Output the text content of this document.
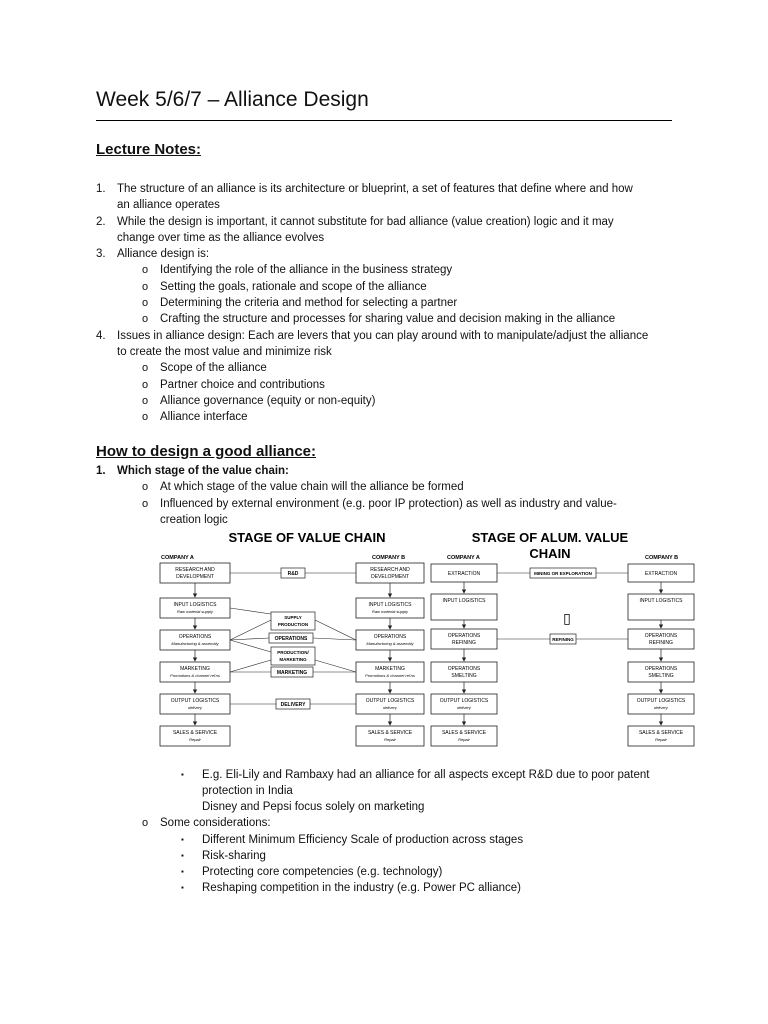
Week 5/6/7 – Alliance Design
Lecture Notes:
1. The structure of an alliance is its architecture or blueprint, a set of features that define where and how
an alliance operates
2. While the design is important, it cannot substitute for bad alliance (value creation) logic and it may
change over time as the alliance evolves
3. Alliance design is:
o Identifying the role of the alliance in the business strategy
o Setting the goals, rationale and scope of the alliance
o Determining the criteria and method for selecting a partner
o Crafting the structure and processes for sharing value and decision making in the alliance
4. Issues in alliance design: Each are levers that you can play around with to manipulate/adjust the alliance
to create the most value and minimize risk
o Scope of the alliance
o Partner choice and contributions
o Alliance governance (equity or non-equity)
o Alliance interface
How to design a good alliance:
1. Which stage of the value chain:
o At which stage of the value chain will the alliance be formed
o Influenced by external environment (e.g. poor IP protection) as well as industry and value-
creation logic
STAGE OF VALUE CHAIN
COMPANY A	COMPANY B
RESEARCH AND
DEVELOPMENT
INPUT LOGISTICS
Raw material supply
OPERATIONS
Manufacturing & assembly
MARKETING
Promotions & channel rel'ns
OUTPUT LOGISTICS
delivery
SALES & SERVICE
Repair
RESEARCH AND
DEVELOPMENT
INPUT LOGISTICS
Raw material supply
OPERATIONS
Manufacturing & assembly
MARKETING
Promotions & channel rel'ns
OUTPUT LOGISTICS
delivery
SALES & SERVICE
Repair
R&D
SUPPLY
PRODUCTION
OPERATIONS
PRODUCTION/
MARKETING
MARKETING
DELIVERY
STAGE OF ALUM. VALUE
CHAIN
COMPANY A	COMPANY B
EXTRACTION
INPUT LOGISTICS
OPERATIONS
REFINING
OPERATIONS
SMELTING
OUTPUT LOGISTICS
delivery
SALES & SERVICE
Repair
EXTRACTION
INPUT LOGISTICS
OPERATIONS
REFINING
OPERATIONS
SMELTING
OUTPUT LOGISTICS
delivery
SALES & SERVICE
Repair
MINING OR EXPLORATION
REFINING
▯
▪ E.g. Eli-Lily and Rambaxy had an alliance for all aspects except R&D due to poor patent
protection in India
Disney and Pepsi focus solely on marketing
o Some considerations:
▪ Different Minimum Efficiency Scale of production across stages
▪ Risk-sharing
▪ Protecting core competencies (e.g. technology)
▪ Reshaping competition in the industry (e.g. Power PC alliance)
